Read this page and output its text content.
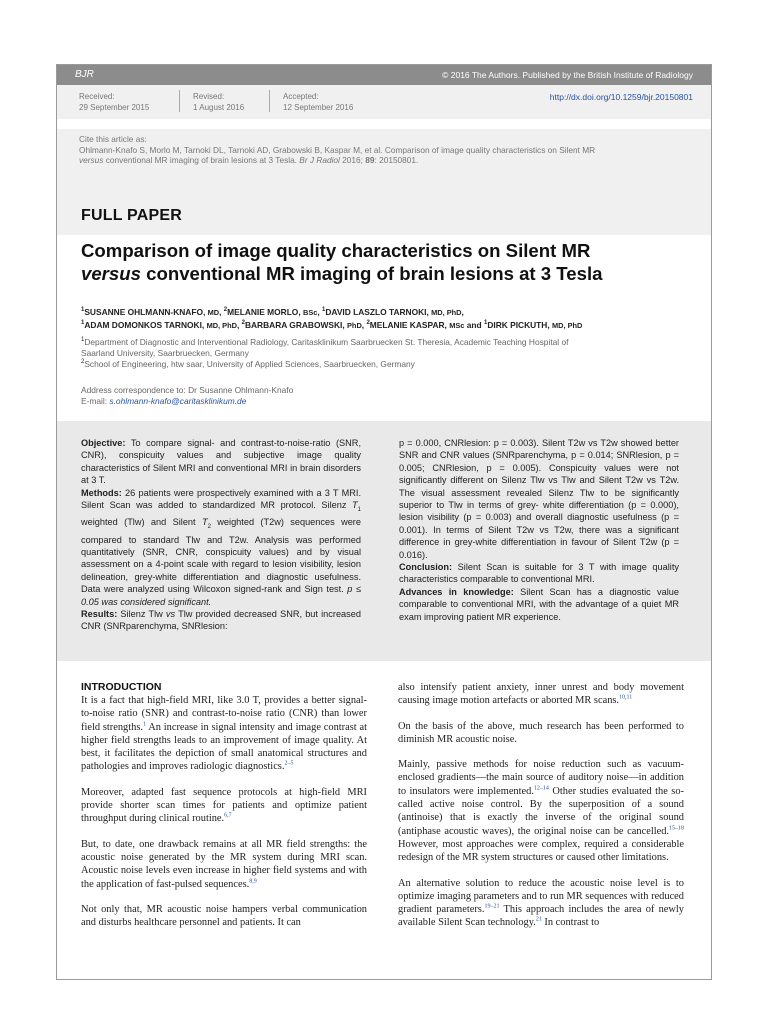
BJR	© 2016 The Authors. Published by the British Institute of Radiology
Received:
29 September 2015
Revised:
1 August 2016
Accepted:
12 September 2016
http://dx.doi.org/10.1259/bjr.20150801
Cite this article as:
Ohlmann-Knafo S, Morlo M, Tarnoki DL, Tarnoki AD, Grabowski B, Kaspar M, et al. Comparison of image quality characteristics on Silent MR
versus conventional MR imaging of brain lesions at 3 Tesla. Br J Radiol 2016; 89: 20150801.
FULL PAPER
Comparison of image quality characteristics on Silent MR
versus conventional MR imaging of brain lesions at 3 Tesla
$^1$SUSANNE OHLMANN-KNAFO, MD, $^2$MELANIE MORLO, BSc, $^1$DAVID LASZLO TARNOKI, MD, PhD,
$^1$ADAM DOMONKOS TARNOKI, MD, PhD, $^2$BARBARA GRABOWSKI, PhD, $^2$MELANIE KASPAR, MSc and $^1$DIRK PICKUTH, MD, PhD
$^1$Department of Diagnostic and Interventional Radiology, Caritasklinikum Saarbruecken St. Theresia, Academic Teaching Hospital of
Saarland University, Saarbruecken, Germany
$^2$School of Engineering, htw saar, University of Applied Sciences, Saarbruecken, Germany
Address correspondence to: Dr Susanne Ohlmann-Knafo
E-mail: s.ohlmann-knafo@caritasklinikum.de
Objective: To compare signal- and contrast-to-noise-ratio (SNR, CNR), conspicuity values and subjective image quality characteristics of Silent MRI and conventional MRI in brain disorders at 3 T.
Methods: 26 patients were prospectively examined with a 3 T MRI. Silent Scan was added to standardized MR protocol. Silenz $T_1$ weighted (Tlw) and Silent $T_2$ weighted (T2w) sequences were compared to standard Tlw and T2w. Analysis was performed quantitatively (SNR, CNR, conspicuity values) and by visual assessment on a 4-point scale with regard to lesion visibility, lesion delineation, grey-white differentiation and diagnostic usefulness. Data were analyzed using Wilcoxon signed-rank and Sign test. p ≤ 0.05 was considered significant.
Results: Silenz Tlw vs Tlw provided decreased SNR, but increased CNR (SNRparenchyma, SNRlesion:
p = 0.000, CNRlesion: p = 0.003). Silent T2w vs T2w showed better SNR and CNR values (SNRparenchyma, p = 0.014; SNRlesion, p = 0.005; CNRlesion, p = 0.005). Conspicuity values were not significantly different on Silenz Tlw vs Tlw and Silent T2w vs T2w. The visual assessment revealed Silenz Tlw to be significantly superior to Tlw in terms of grey- white differentiation (p = 0.000), lesion visibility (p = 0.003) and overall diagnostic usefulness (p = 0.001). In terms of Silent T2w vs T2w, there was a significant difference in grey-white differentiation in favour of Silent T2w (p = 0.016).
Conclusion: Silent Scan is suitable for 3 T with image quality characteristics comparable to conventional MRI.
Advances in knowledge: Silent Scan has a diagnostic value comparable to conventional MRI, with the advantage of a quiet MR exam improving patient MR experience.
INTRODUCTION

It is a fact that high-field MRI, like 3.0 T, provides a better signal-to-noise ratio (SNR) and contrast-to-noise ratio (CNR) than lower field strengths.$^1$ An increase in signal intensity and image contrast at higher field strengths leads to an improvement of image quality. At best, it facilitates the depiction of small anatomical structures and pathologies and improves radiologic diagnostics.$^{2-5}$

Moreover, adapted fast sequence protocols at high-field MRI provide shorter scan times for patients and optimize patient throughput during clinical routine.$^{6,7}$

But, to date, one drawback remains at all MR field strengths: the acoustic noise generated by the MR system during MRI scan. Acoustic noise levels even increase in higher field systems and with the application of fast-pulsed sequences.$^{8,9}$

Not only that, MR acoustic noise hampers verbal communication and disturbs healthcare personnel and patients. It can

also intensify patient anxiety, inner unrest and body movement causing image motion artefacts or aborted MR scans.$^{10,11}$

On the basis of the above, much research has been performed to diminish MR acoustic noise.

Mainly, passive methods for noise reduction such as vacuum-enclosed gradients—the main source of auditory noise—in addition to insulators were implemented.$^{12-14}$ Other studies evaluated the so-called active noise control. By the superposition of a sound (antinoise) that is exactly the inverse of the original sound (antiphase acoustic waves), the original noise can be cancelled.$^{15-18}$ However, most approaches were complex, required a considerable redesign of the MR system structures or caused other limitations.

An alternative solution to reduce the acoustic noise level is to optimize imaging parameters and to run MR sequences with reduced gradient parameters.$^{19-21}$ This approach includes the area of newly available Silent Scan technology.$^{21}$ In contrast to
